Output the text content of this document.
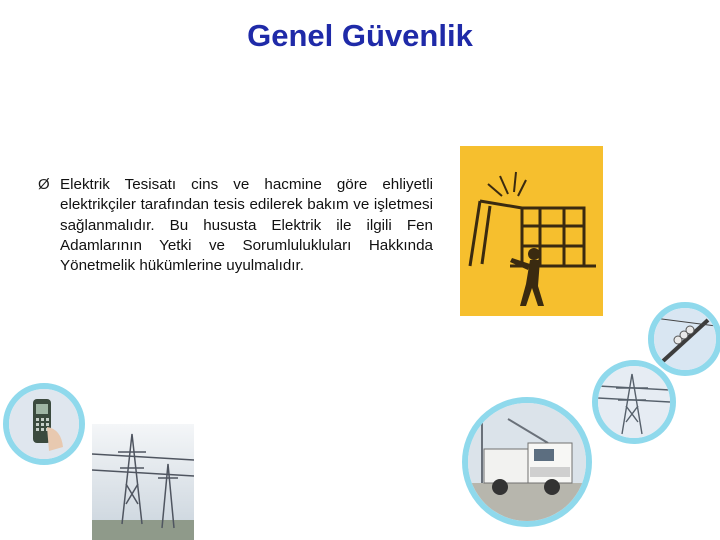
Genel Güvenlik
Ø Elektrik Tesisatı cins ve hacmine göre ehliyetli elektrikçiler tarafından tesis edilerek bakım ve işletmesi sağlanmalıdır. Bu hususta Elektrik ile ilgili Fen Adamlarının Yetki ve Sorumlulukluları Hakkında Yönetmelik hükümlerine uyulmalıdır.
